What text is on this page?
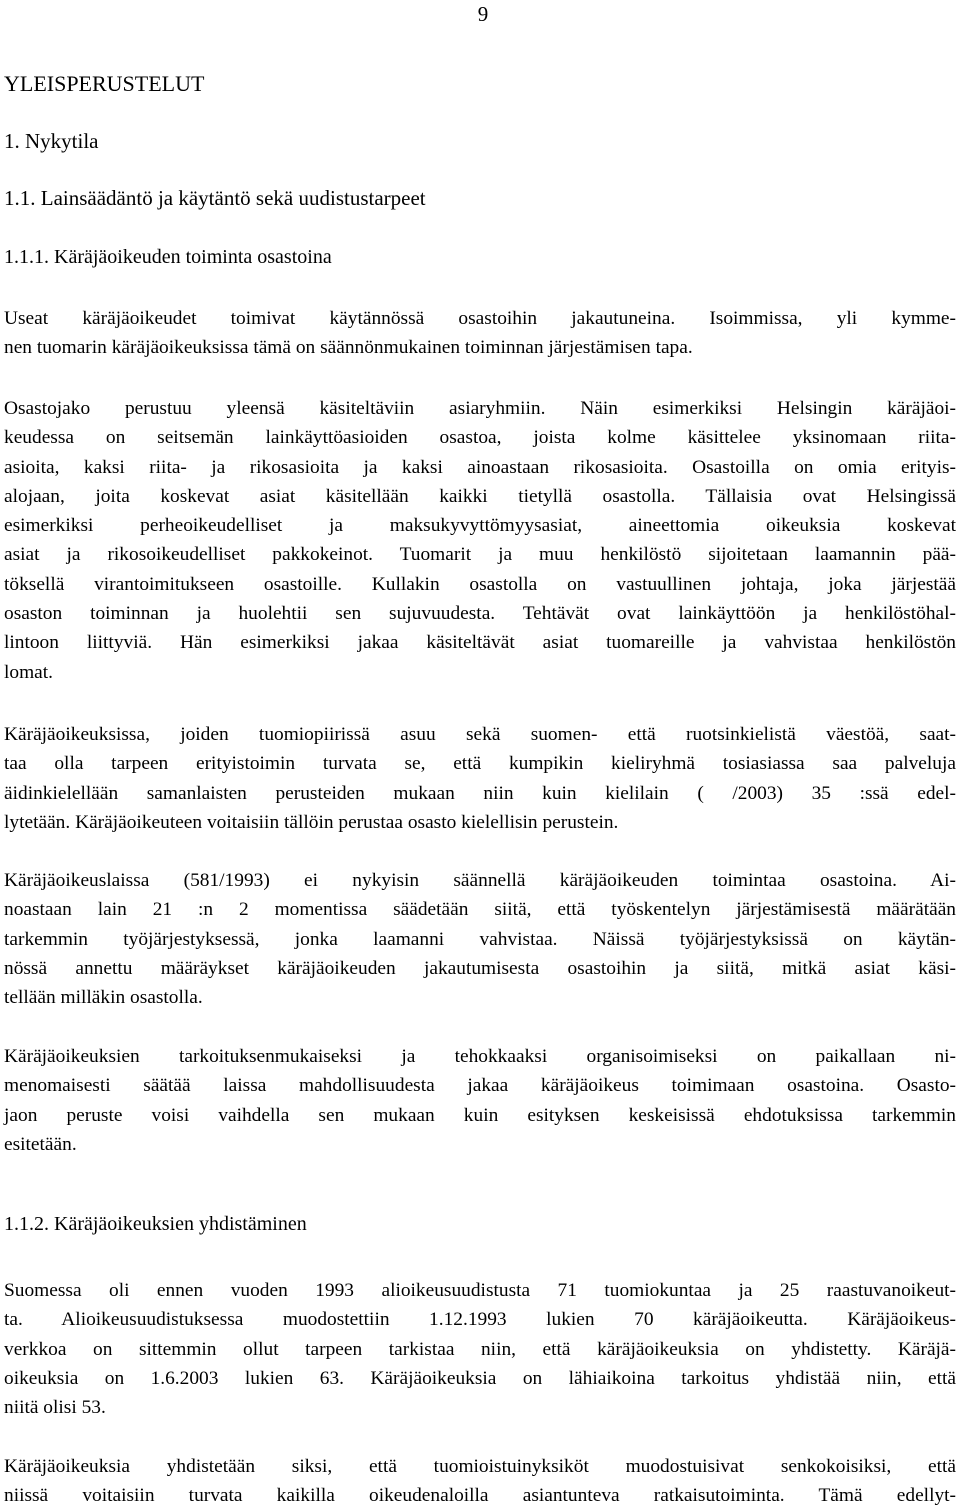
9
YLEISPERUSTELUT
1. Nykytila
1.1. Lainsäädäntö ja käytäntö sekä uudistustarpeet
1.1.1. Käräjäoikeuden toiminta osastoina

Useat käräjäoikeudet toimivat käytännössä osastoihin jakautuneina. Isoimmissa, yli kymme-
nen tuomarin käräjäoikeuksissa tämä on säännönmukainen toiminnan järjestämisen tapa.

Osastojako perustuu yleensä käsiteltäviin asiaryhmiin. Näin esimerkiksi Helsingin käräjäoi-
keudessa on seitsemän lainkäyttöasioiden osastoa, joista kolme käsittelee yksinomaan riita-
asioita, kaksi riita- ja rikosasioita ja kaksi ainoastaan rikosasioita. Osastoilla on omia erityis-
alojaan, joita koskevat asiat käsitellään kaikki tietyllä osastolla. Tällaisia ovat Helsingissä
esimerkiksi perheoikeudelliset ja maksukyvyttömyysasiat, aineettomia oikeuksia koskevat
asiat ja rikosoikeudelliset pakkokeinot. Tuomarit ja muu henkilöstö sijoitetaan laamannin pää-
töksellä virantoimitukseen osastoille. Kullakin osastolla on vastuullinen johtaja, joka järjestää
osaston toiminnan ja huolehtii sen sujuvuudesta. Tehtävät ovat lainkäyttöön ja henkilöstöhal-
lintoon liittyviä. Hän esimerkiksi jakaa käsiteltävät asiat tuomareille ja vahvistaa henkilöstön
lomat.

Käräjäoikeuksissa, joiden tuomiopiirissä asuu sekä suomen- että ruotsinkielistä väestöä, saat-
taa olla tarpeen erityistoimin turvata se, että kumpikin kieliryhmä tosiasiassa saa palveluja
äidinkielellään samanlaisten perusteiden mukaan niin kuin kielilain ( /2003) 35 :ssä edel-
lytetään. Käräjäoikeuteen voitaisiin tällöin perustaa osasto kielellisin perustein.

Käräjäoikeuslaissa (581/1993) ei nykyisin säännellä käräjäoikeuden toimintaa osastoina. Ai-
noastaan lain 21 :n 2 momentissa säädetään siitä, että työskentelyn järjestämisestä määrätään
tarkemmin työjärjestyksessä, jonka laamanni vahvistaa. Näissä työjärjestyksissä on käytän-
nössä annettu määräykset käräjäoikeuden jakautumisesta osastoihin ja siitä, mitkä asiat käsi-
tellään milläkin osastolla.

Käräjäoikeuksien tarkoituksenmukaiseksi ja tehokkaaksi organisoimiseksi on paikallaan ni-
menomaisesti säätää laissa mahdollisuudesta jakaa käräjäoikeus toimimaan osastoina. Osasto-
jaon peruste voisi vaihdella sen mukaan kuin esityksen keskeisissä ehdotuksissa tarkemmin
esitetään.

1.1.2. Käräjäoikeuksien yhdistäminen

Suomessa oli ennen vuoden 1993 alioikeusuudistusta 71 tuomiokuntaa ja 25 raastuvanoikeut-
ta. Alioikeusuudistuksessa muodostettiin 1.12.1993 lukien 70 käräjäoikeutta. Käräjäoikeus-
verkkoa on sittemmin ollut tarpeen tarkistaa niin, että käräjäoikeuksia on yhdistetty. Käräjä-
oikeuksia on 1.6.2003 lukien 63. Käräjäoikeuksia on lähiaikoina tarkoitus yhdistää niin, että
niitä olisi 53.

Käräjäoikeuksia yhdistetään siksi, että tuomioistuinyksiköt muodostuisivat senkokoisiksi, että
niissä voitaisiin turvata kaikilla oikeudenaloilla asiantunteva ratkaisutoiminta. Tämä edellyt-
